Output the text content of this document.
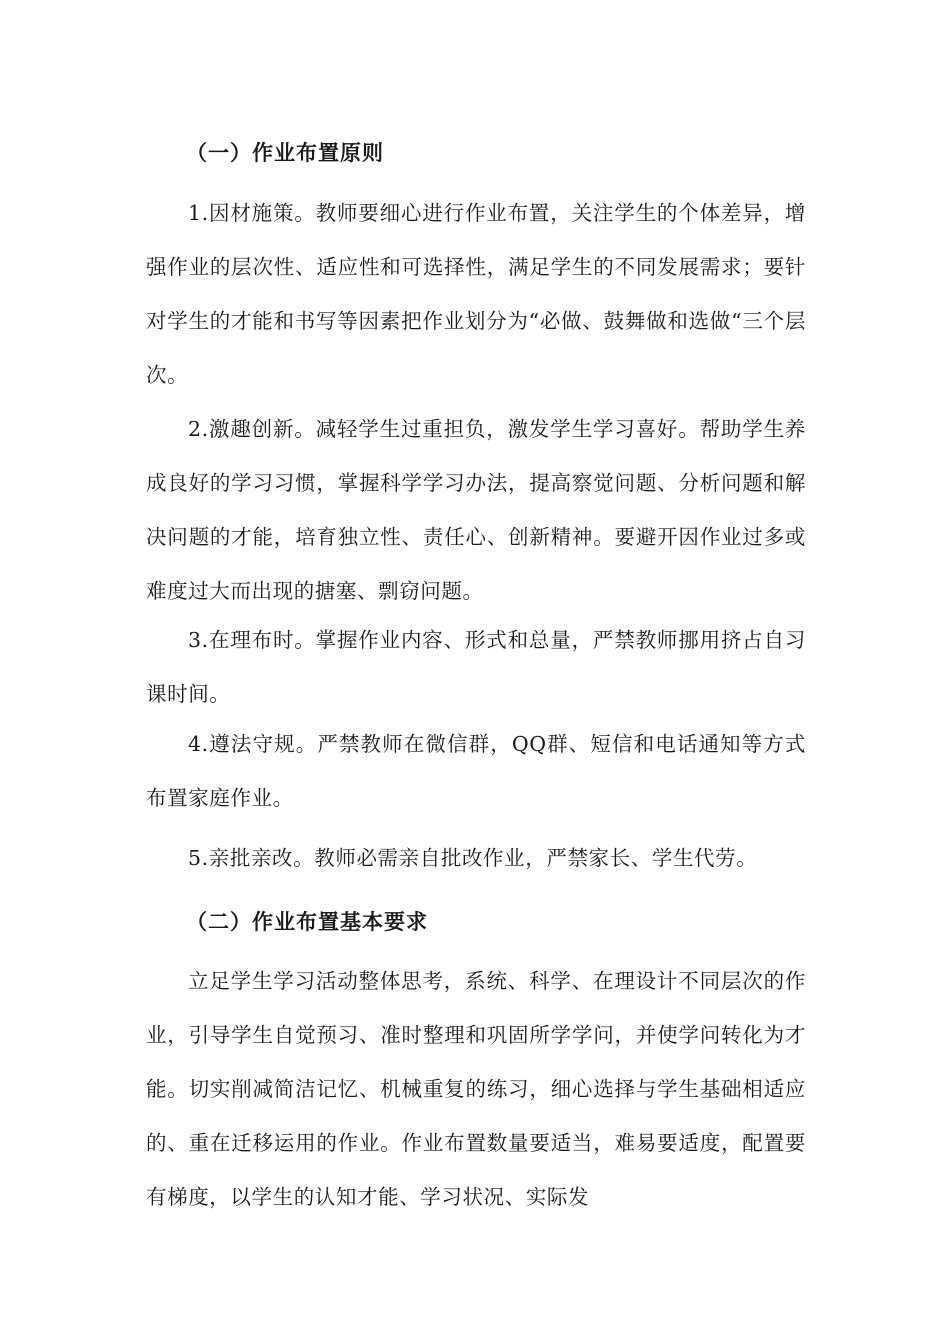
（一）作业布置原则
1.因材施策。教师要细心进行作业布置，关注学生的个体差异，增强作业的层次性、适应性和可选择性，满足学生的不同发展需求；要针对学生的才能和书写等因素把作业划分为“必做、鼓舞做和选做“三个层次。
2.激趣创新。减轻学生过重担负，激发学生学习喜好。帮助学生养成良好的学习习惯，掌握科学学习办法，提高察觉问题、分析问题和解决问题的才能，培育独立性、责任心、创新精神。要避开因作业过多或难度过大而出现的搪塞、剽窃问题。
3.在理布时。掌握作业内容、形式和总量，严禁教师挪用挤占自习课时间。
4.遵法守规。严禁教师在微信群，QQ群、短信和电话通知等方式布置家庭作业。
5.亲批亲改。教师必需亲自批改作业，严禁家长、学生代劳。
（二）作业布置基本要求
立足学生学习活动整体思考，系统、科学、在理设计不同层次的作业，引导学生自觉预习、准时整理和巩固所学学问，并使学问转化为才能。切实削减简洁记忆、机械重复的练习，细心选择与学生基础相适应的、重在迁移运用的作业。作业布置数量要适当，难易要适度，配置要有梯度，以学生的认知才能、学习状况、实际发
